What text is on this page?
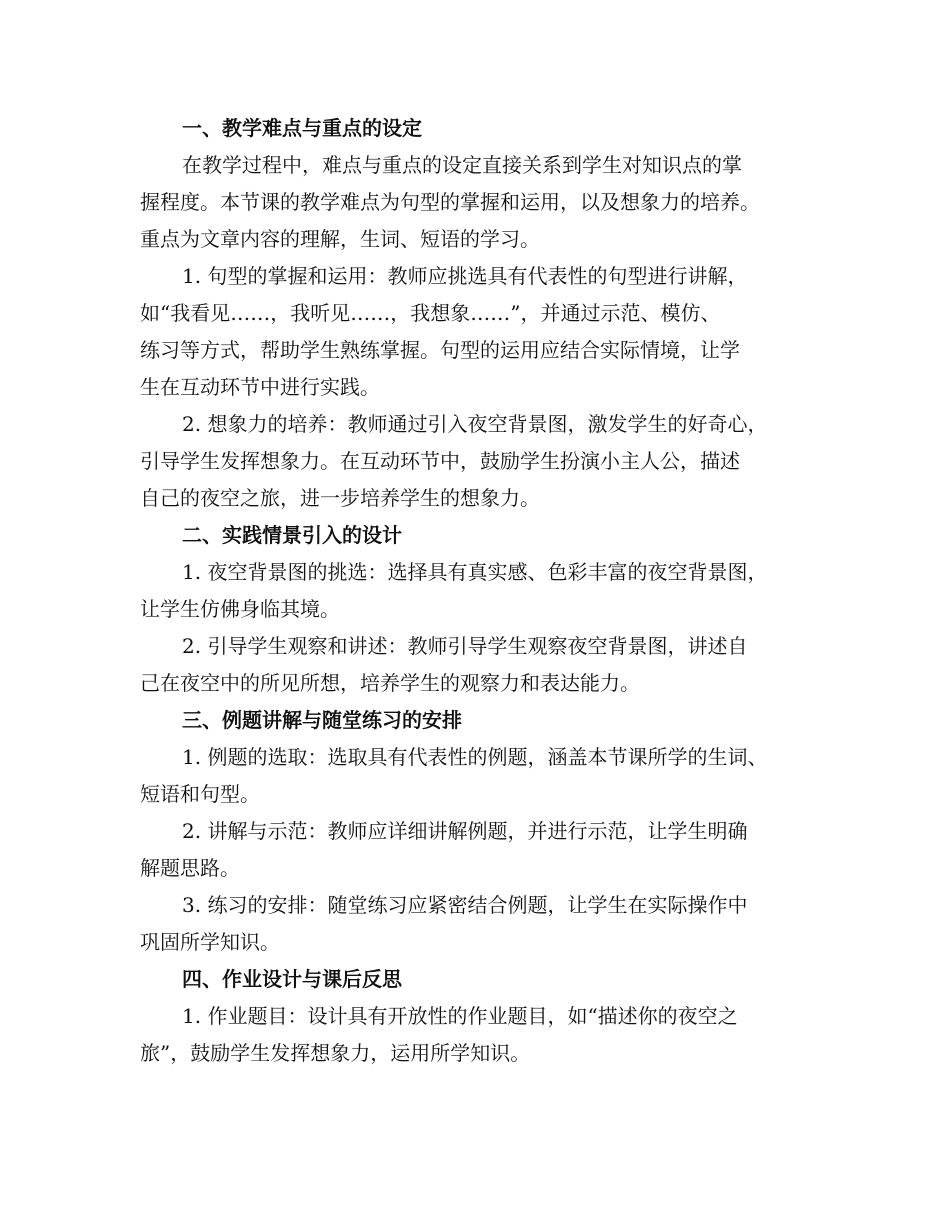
一、教学难点与重点的设定
在教学过程中，难点与重点的设定直接关系到学生对知识点的掌
握程度。本节课的教学难点为句型的掌握和运用，以及想象力的培养。
重点为文章内容的理解，生词、短语的学习。
1. 句型的掌握和运用：教师应挑选具有代表性的句型进行讲解，
如“我看见……，我听见……，我想象……”，并通过示范、模仿、
练习等方式，帮助学生熟练掌握。句型的运用应结合实际情境，让学
生在互动环节中进行实践。
2. 想象力的培养：教师通过引入夜空背景图，激发学生的好奇心，
引导学生发挥想象力。在互动环节中，鼓励学生扮演小主人公，描述
自己的夜空之旅，进一步培养学生的想象力。
二、实践情景引入的设计
1. 夜空背景图的挑选：选择具有真实感、色彩丰富的夜空背景图，
让学生仿佛身临其境。
2. 引导学生观察和讲述：教师引导学生观察夜空背景图，讲述自
己在夜空中的所见所想，培养学生的观察力和表达能力。
三、例题讲解与随堂练习的安排
1. 例题的选取：选取具有代表性的例题，涵盖本节课所学的生词、
短语和句型。
2. 讲解与示范：教师应详细讲解例题，并进行示范，让学生明确
解题思路。
3. 练习的安排：随堂练习应紧密结合例题，让学生在实际操作中
巩固所学知识。
四、作业设计与课后反思
1. 作业题目：设计具有开放性的作业题目，如“描述你的夜空之
旅”，鼓励学生发挥想象力，运用所学知识。
